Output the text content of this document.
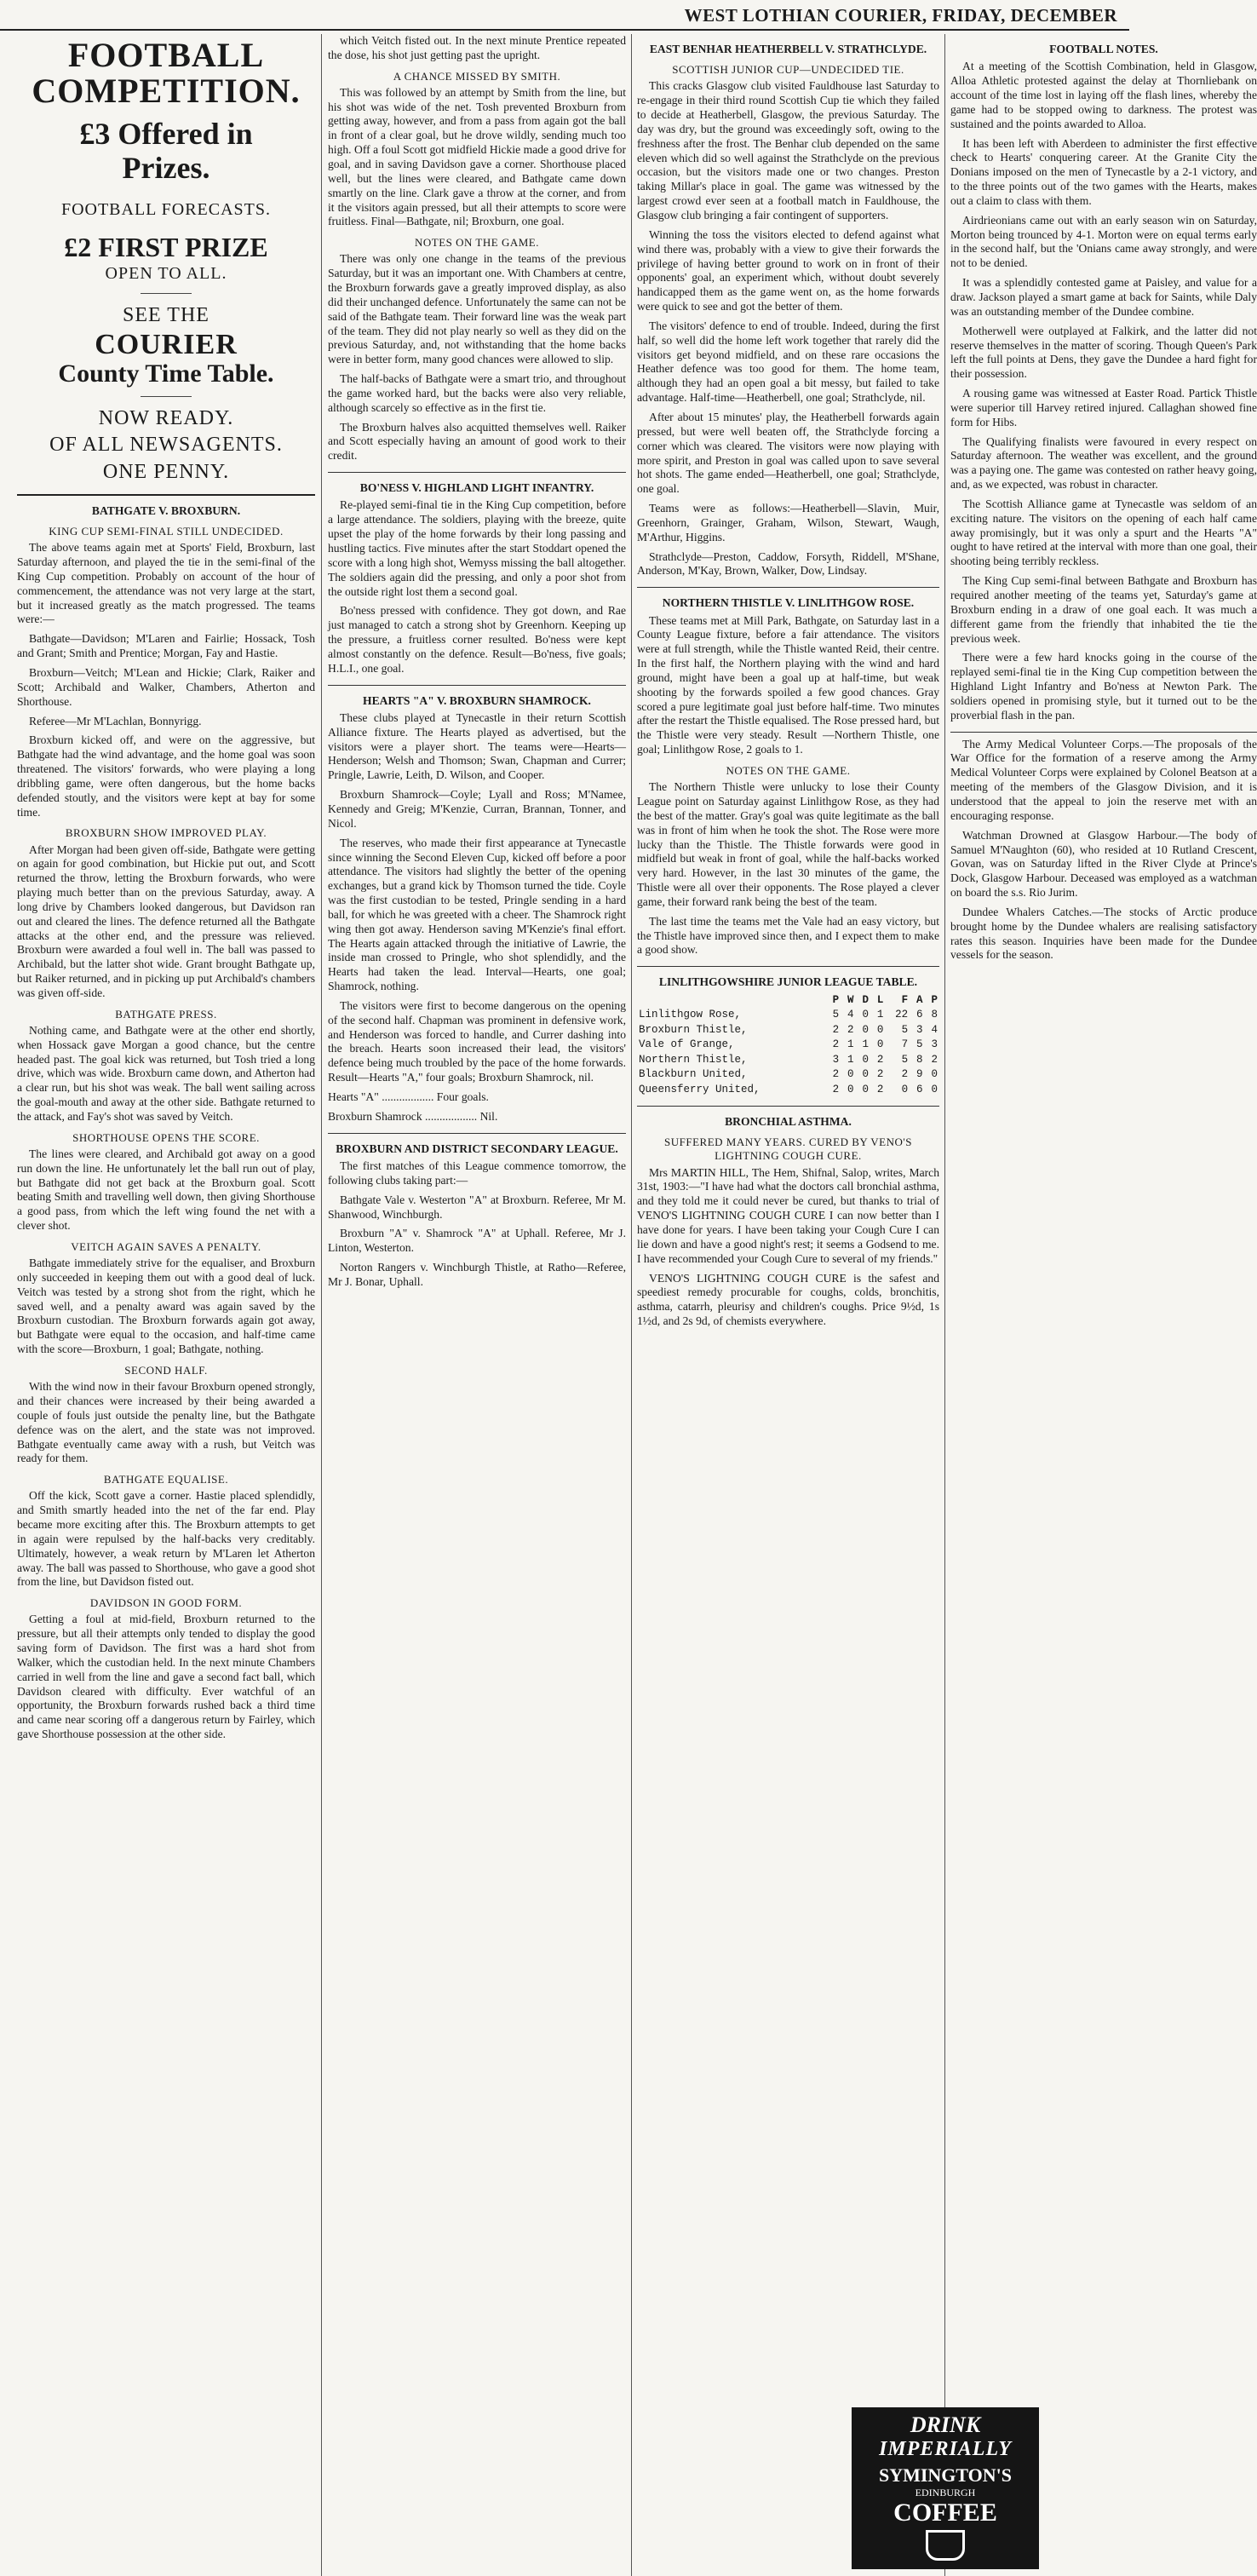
WEST LOTHIAN COURIER, FRIDAY, DECEMBER
FOOTBALL
COMPETITION.
£3 Offered in
Prizes.
FOOTBALL FORECASTS.
£2 FIRST PRIZE
OPEN TO ALL.
SEE THE
COURIER
County Time Table.
NOW READY.
OF ALL NEWSAGENTS.
ONE PENNY.
BATHGATE V. BROXBURN.
KING CUP SEMI-FINAL STILL UNDECIDED.

The above teams again met at Sports' Field, Broxburn, last Saturday afternoon, and played the tie in the semi-final of the King Cup competition. Probably on account of the hour of commencement, the attendance was not very large at the start, but it increased greatly as the match progressed. The teams were:—

Bathgate—Davidson; M'Laren and Fairlie; Hossack, Tosh and Grant; Smith and Prentice; Morgan, Fay and Hastie.

Broxburn—Veitch; M'Lean and Hickie; Clark, Raiker and Scott; Archibald and Walker, Chambers, Atherton and Shorthouse.

Referee—Mr M'Lachlan, Bonnyrigg.

Broxburn kicked off, and were on the aggressive, but Bathgate had the wind advantage, and the home goal was soon threatened. The visitors' forwards, who were playing a long dribbling game, were often dangerous, but the home backs defended stoutly, and the visitors were kept at bay for some time.

BROXBURN SHOW IMPROVED PLAY.

After Morgan had been given off-side, Bathgate were getting on again for good combination, but Hickie put out, and Scott returned the throw, letting the Broxburn forwards, who were playing much better than on the previous Saturday, away. A long drive by Chambers looked dangerous, but Davidson ran out and cleared the lines. The defence returned all the Bathgate attacks at the other end, and the pressure was relieved. Broxburn were awarded a foul well in. The ball was passed to Archibald, but the latter shot wide. Grant brought Bathgate up, but Raiker returned, and in picking up put Archibald's chambers was given off-side.

BATHGATE PRESS.

Nothing came, and Bathgate were at the other end shortly, when Hossack gave Morgan a good chance, but the centre headed past. The goal kick was returned, but Tosh tried a long drive, which was wide. Broxburn came down, and Atherton had a clear run, but his shot was weak. The ball went sailing across the goal-mouth and away at the other side. Bathgate returned to the attack, and Fay's shot was saved by Veitch.

SHORTHOUSE OPENS THE SCORE.

The lines were cleared, and Archibald got away on a good run down the line. He unfortunately let the ball run out of play, but Bathgate did not get back at the Broxburn goal. Scott beating Smith and travelling well down, then giving Shorthouse a good pass, from which the left wing found the net with a clever shot.

VEITCH AGAIN SAVES A PENALTY.

Bathgate immediately strive for the equaliser, and Broxburn only succeeded in keeping them out with a good deal of luck. Veitch was tested by a strong shot from the right, which he saved well, and a penalty award was again saved by the Broxburn custodian. The Broxburn forwards again got away, but Bathgate were equal to the occasion, and half-time came with the score—Broxburn, 1 goal; Bathgate, nothing.

SECOND HALF.

With the wind now in their favour Broxburn opened strongly, and their chances were increased by their being awarded a couple of fouls just outside the penalty line, but the Bathgate defence was on the alert, and the state was not improved. Bathgate eventually came away with a rush, but Veitch was ready for them.

BATHGATE EQUALISE.

Off the kick, Scott gave a corner. Hastie placed splendidly, and Smith smartly headed into the net of the far end. Play became more exciting after this. The Broxburn attempts to get in again were repulsed by the half-backs very creditably. Ultimately, however, a weak return by M'Laren let Atherton away. The ball was passed to Shorthouse, who gave a good shot from the line, but Davidson fisted out.

DAVIDSON IN GOOD FORM.

Getting a foul at mid-field, Broxburn returned to the pressure, but all their attempts only tended to display the good saving form of Davidson. The first was a hard shot from Walker, which the custodian held. In the next minute Chambers carried in well from the line and gave a second fact ball, which Davidson cleared with difficulty. Ever watchful of an opportunity, the Broxburn forwards rushed back a third time and came near scoring off a dangerous return by Fairley, which gave Shorthouse possession at the other side.

which Veitch fisted out. In the next minute Prentice repeated the dose, his shot just getting past the upright.

A CHANCE MISSED BY SMITH.

This was followed by an attempt by Smith from the line, but his shot was wide of the net. Tosh prevented Broxburn from getting away, however, and from a pass from again got the ball in front of a clear goal, but he drove wildly, sending much too high. Off a foul Scott got midfield Hickie made a good drive for goal, and in saving Davidson gave a corner. Shorthouse placed well, but the lines were cleared, and Bathgate came down smartly on the line. Clark gave a throw at the corner, and from it the visitors again pressed, but all their attempts to score were fruitless. Final—Bathgate, nil; Broxburn, one goal.

NOTES ON THE GAME.

There was only one change in the teams of the previous Saturday, but it was an important one. With Chambers at centre, the Broxburn forwards gave a greatly improved display, as also did their unchanged defence. Unfortunately the same can not be said of the Bathgate team. Their forward line was the weak part of the team. They did not play nearly so well as they did on the previous Saturday, and, not withstanding that the home backs were in better form, many good chances were allowed to slip.

The half-backs of Bathgate were a smart trio, and throughout the game worked hard, but the backs were also very reliable, although scarcely so effective as in the first tie.

The Broxburn halves also acquitted themselves well. Raiker and Scott especially having an amount of good work to their credit.

BO'NESS V. HIGHLAND LIGHT INFANTRY.

Re-played semi-final tie in the King Cup competition, before a large attendance. The soldiers, playing with the breeze, quite upset the play of the home forwards by their long passing and hustling tactics. Five minutes after the start Stoddart opened the score with a long high shot, Wemyss missing the ball altogether. The soldiers again did the pressing, and only a poor shot from the outside right lost them a second goal.

Bo'ness pressed with confidence. They got down, and Rae just managed to catch a strong shot by Greenhorn. Keeping up the pressure, a fruitless corner resulted. Bo'ness were kept almost constantly on the defence. Result—Bo'ness, five goals; H.L.I., one goal.

HEARTS "A" V. BROXBURN SHAMROCK.

These clubs played at Tynecastle in their return Scottish Alliance fixture. The Hearts played as advertised, but the visitors were a player short. The teams were—Hearts—Henderson; Welsh and Thomson; Swan, Chapman and Currer; Pringle, Lawrie, Leith, D. Wilson, and Cooper.

Broxburn Shamrock—Coyle; Lyall and Ross; M'Namee, Kennedy and Greig; M'Kenzie, Curran, Brannan, Tonner, and Nicol.

The reserves, who made their first appearance at Tynecastle since winning the Second Eleven Cup, kicked off before a poor attendance. The visitors had slightly the better of the opening exchanges, but a grand kick by Thomson turned the tide. Coyle was the first custodian to be tested, Pringle sending in a hard ball, for which he was greeted with a cheer. The Shamrock right wing then got away. Henderson saving M'Kenzie's final effort. The Hearts again attacked through the initiative of Lawrie, the inside man crossed to Pringle, who shot splendidly, and the Hearts had taken the lead. Interval—Hearts, one goal; Shamrock, nothing.

The visitors were first to become dangerous on the opening of the second half. Chapman was prominent in defensive work, and Henderson was forced to handle, and Currer dashing into the breach. Hearts soon increased their lead, the visitors' defence being much troubled by the pace of the home forwards. Result—Hearts "A," four goals; Broxburn Shamrock, nil.

Hearts "A" .................. Four goals.

Broxburn Shamrock .................. Nil.

BROXBURN AND DISTRICT SECONDARY LEAGUE.

The first matches of this League commence tomorrow, the following clubs taking part:—

Bathgate Vale v. Westerton "A" at Broxburn. Referee, Mr M. Shanwood, Winchburgh.

Broxburn "A" v. Shamrock "A" at Uphall. Referee, Mr J. Linton, Westerton.

Norton Rangers v. Winchburgh Thistle, at Ratho—Referee, Mr J. Bonar, Uphall.

EAST BENHAR HEATHERBELL V. STRATHCLYDE.
SCOTTISH JUNIOR CUP—UNDECIDED TIE.

This cracks Glasgow club visited Fauldhouse last Saturday to re-engage in their third round Scottish Cup tie which they failed to decide at Heatherbell, Glasgow, the previous Saturday. The day was dry, but the ground was exceedingly soft, owing to the freshness after the frost. The Benhar club depended on the same eleven which did so well against the Strathclyde on the previous occasion, but the visitors made one or two changes. Preston taking Millar's place in goal. The game was witnessed by the largest crowd ever seen at a football match in Fauldhouse, the Glasgow club bringing a fair contingent of supporters.

Winning the toss the visitors elected to defend against what wind there was, probably with a view to give their forwards the privilege of having better ground to work on in front of their opponents' goal, an experiment which, without doubt severely handicapped them as the game went on, as the home forwards were quick to see and got the better of them.

The visitors' defence to end of trouble. Indeed, during the first half, so well did the home left work together that rarely did the visitors get beyond midfield, and on these rare occasions the Heather defence was too good for them. The home team, although they had an open goal a bit messy, but failed to take advantage. Half-time—Heatherbell, one goal; Strathclyde, nil.

After about 15 minutes' play, the Heatherbell forwards again pressed, but were well beaten off, the Strathclyde forcing a corner which was cleared. The visitors were now playing with more spirit, and Preston in goal was called upon to save several hot shots. The game ended—Heatherbell, one goal; Strathclyde, one goal.

Teams were as follows:—Heatherbell—Slavin, Muir, Greenhorn, Grainger, Graham, Wilson, Stewart, Waugh, M'Arthur, Higgins.

Strathclyde—Preston, Caddow, Forsyth, Riddell, M'Shane, Anderson, M'Kay, Brown, Walker, Dow, Lindsay.

NORTHERN THISTLE V. LINLITHGOW ROSE.

These teams met at Mill Park, Bathgate, on Saturday last in a County League fixture, before a fair attendance. The visitors were at full strength, while the Thistle wanted Reid, their centre. In the first half, the Northern playing with the wind and hard ground, might have been a goal up at half-time, but weak shooting by the forwards spoiled a few good chances. Gray scored a pure legitimate goal just before half-time. Two minutes after the restart the Thistle equalised. The Rose pressed hard, but the Thistle were very steady. Result —Northern Thistle, one goal; Linlithgow Rose, 2 goals to 1.

NOTES ON THE GAME.

The Northern Thistle were unlucky to lose their County League point on Saturday against Linlithgow Rose, as they had the best of the matter. Gray's goal was quite legitimate as the ball was in front of him when he took the shot. The Rose were more lucky than the Thistle. The Thistle forwards were good in midfield but weak in front of goal, while the half-backs worked very hard. However, in the last 30 minutes of the game, the Thistle were all over their opponents. The Rose played a clever game, their forward rank being the best of the team.

The last time the teams met the Vale had an easy victory, but the Thistle have improved since then, and I expect them to make a good show.

LINLITHGOWSHIRE JUNIOR LEAGUE TABLE.
	P	W	D	L	F	A	P
Linlithgow Rose,	5	4	0	1	22	6	8
Broxburn Thistle,	2	2	0	0	5	3	4
Vale of Grange,	2	1	1	0	7	5	3
Northern Thistle,	3	1	0	2	5	8	2
Blackburn United,	2	0	0	2	2	9	0
Queensferry United,	2	0	0	2	0	6	0
BRONCHIAL ASTHMA.
SUFFERED MANY YEARS. CURED BY VENO'S LIGHTNING COUGH CURE.

Mrs MARTIN HILL, The Hem, Shifnal, Salop, writes, March 31st, 1903:—"I have had what the doctors call bronchial asthma, and they told me it could never be cured, but thanks to trial of VENO'S LIGHTNING COUGH CURE I can now better than I have done for years. I have been taking your Cough Cure I can lie down and have a good night's rest; it seems a Godsend to me. I have recommended your Cough Cure to several of my friends."

VENO'S LIGHTNING COUGH CURE is the safest and speediest remedy procurable for coughs, colds, bronchitis, asthma, catarrh, pleurisy and children's coughs. Price 9½d, 1s 1½d, and 2s 9d, of chemists everywhere.

FOOTBALL NOTES.

At a meeting of the Scottish Combination, held in Glasgow, Alloa Athletic protested against the delay at Thornliebank on account of the time lost in laying off the flash lines, whereby the game had to be stopped owing to darkness. The protest was sustained and the points awarded to Alloa.

It has been left with Aberdeen to administer the first effective check to Hearts' conquering career. At the Granite City the Donians imposed on the men of Tynecastle by a 2-1 victory, and to the three points out of the two games with the Hearts, makes out a claim to class with them.

Airdrieonians came out with an early season win on Saturday, Morton being trounced by 4-1. Morton were on equal terms early in the second half, but the 'Onians came away strongly, and were not to be denied.

It was a splendidly contested game at Paisley, and value for a draw. Jackson played a smart game at back for Saints, while Daly was an outstanding member of the Dundee combine.

Motherwell were outplayed at Falkirk, and the latter did not reserve themselves in the matter of scoring. Though Queen's Park left the full points at Dens, they gave the Dundee a hard fight for their possession.

A rousing game was witnessed at Easter Road. Partick Thistle were superior till Harvey retired injured. Callaghan showed fine form for Hibs.

The Qualifying finalists were favoured in every respect on Saturday afternoon. The weather was excellent, and the ground was a paying one. The game was contested on rather heavy going, and, as we expected, was robust in character.

The Scottish Alliance game at Tynecastle was seldom of an exciting nature. The visitors on the opening of each half came away promisingly, but it was only a spurt and the Hearts "A" ought to have retired at the interval with more than one goal, their shooting being terribly reckless.

The King Cup semi-final between Bathgate and Broxburn has required another meeting of the teams yet, Saturday's game at Broxburn ending in a draw of one goal each. It was much a different game from the friendly that inhabited the tie the previous week.

There were a few hard knocks going in the course of the replayed semi-final tie in the King Cup competition between the Highland Light Infantry and Bo'ness at Newton Park. The soldiers opened in promising style, but it turned out to be the proverbial flash in the pan.

The Army Medical Volunteer Corps.—The proposals of the War Office for the formation of a reserve among the Army Medical Volunteer Corps were explained by Colonel Beatson at a meeting of the members of the Glasgow Division, and it is understood that the appeal to join the reserve met with an encouraging response.

Watchman Drowned at Glasgow Harbour.—The body of Samuel M'Naughton (60), who resided at 10 Rutland Crescent, Govan, was on Saturday lifted in the River Clyde at Prince's Dock, Glasgow Harbour. Deceased was employed as a watchman on board the s.s. Rio Jurim.

Dundee Whalers Catches.—The stocks of Arctic produce brought home by the Dundee whalers are realising satisfactory rates this season. Inquiries have been made for the Dundee vessels for the season.

DRINK
IMPERIALLY
SYMINGTON'S
EDINBURGH
COFFEE
